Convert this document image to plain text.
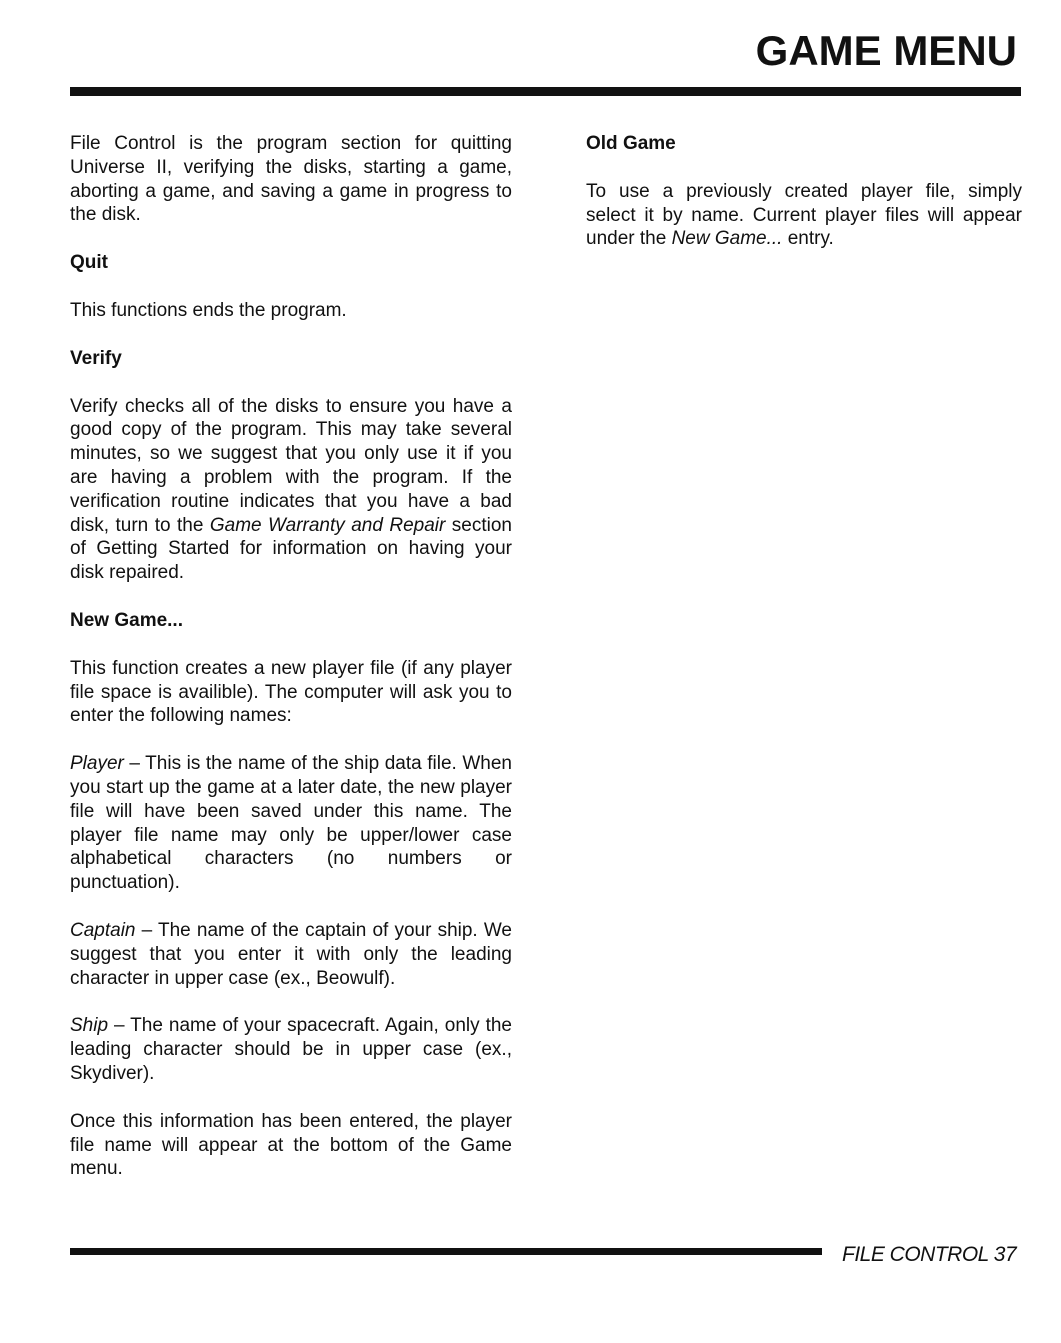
GAME MENU

File Control is the program section for quitting Universe II, verifying the disks, starting a game, aborting a game, and saving a game in progress to the disk.

Quit

This functions ends the program.

Verify

Verify checks all of the disks to ensure you have a good copy of the program. This may take several minutes, so we suggest that you only use it if you are having a problem with the program. If the verification routine indicates that you have a bad disk, turn to the Game Warranty and Repair section of Getting Started for information on having your disk repaired.

New Game...

This function creates a new player file (if any player file space is availible). The computer will ask you to enter the following names:

Player – This is the name of the ship data file. When you start up the game at a later date, the new player file will have been saved under this name. The player file name may only be upper/lower case alphabetical characters (no numbers or punctuation).

Captain – The name of the captain of your ship. We suggest that you enter it with only the leading character in upper case (ex., Beowulf).

Ship – The name of your spacecraft. Again, only the leading character should be in upper case (ex., Skydiver).

Once this information has been entered, the player file name will appear at the bottom of the Game menu.

Old Game

To use a previously created player file, simply select it by name. Current player files will appear under the New Game... entry.

FILE CONTROL 37
